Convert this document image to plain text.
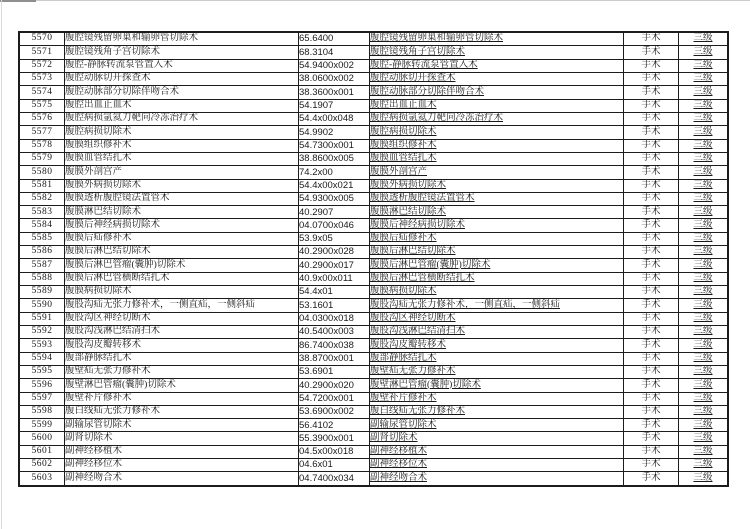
5570	腹腔镜残留卵巢和输卵管切除术	65.6400	腹腔镜残留卵巢和输卵管切除术	手术	三级
5571	腹腔镜残角子宫切除术	68.3104	腹腔镜残角子宫切除术	手术	三级
5572	腹腔-静脉转流泵管置入术	54.9400x002	腹腔-静脉转流泵管置入术	手术	三级
5573	腹腔动脉切开探查术	38.0600x002	腹腔动脉切开探查术	手术	三级
5574	腹腔动脉部分切除伴吻合术	38.3600x001	腹腔动脉部分切除伴吻合术	手术	三级
5575	腹腔出血止血术	54.1907	腹腔出血止血术	手术	三级
5576	腹腔病损氩氦刀靶向冷冻治疗术	54.4x00x048	腹腔病损氩氦刀靶向冷冻治疗术	手术	三级
5577	腹腔病损切除术	54.9902	腹腔病损切除术	手术	三级
5578	腹膜组织修补术	54.7300x001	腹膜组织修补术	手术	三级
5579	腹膜血管结扎术	38.8600x005	腹膜血管结扎术	手术	三级
5580	腹膜外剖宫产	74.2x00	腹膜外剖宫产	手术	三级
5581	腹膜外病损切除术	54.4x00x021	腹膜外病损切除术	手术	三级
5582	腹膜透析腹腔镜法置管术	54.9300x005	腹膜透析腹腔镜法置管术	手术	三级
5583	腹膜淋巴结切除术	40.2907	腹膜淋巴结切除术	手术	三级
5584	腹膜后神经病损切除术	04.0700x046	腹膜后神经病损切除术	手术	三级
5585	腹膜后疝修补术	53.9x05	腹膜后疝修补术	手术	三级
5586	腹膜后淋巴结切除术	40.2900x028	腹膜后淋巴结切除术	手术	三级
5587	腹膜后淋巴管瘤(囊肿)切除术	40.2900x017	腹膜后淋巴管瘤(囊肿)切除术	手术	三级
5588	腹膜后淋巴管横断结扎术	40.9x00x011	腹膜后淋巴管横断结扎术	手术	三级
5589	腹膜病损切除术	54.4x01	腹膜病损切除术	手术	三级
5590	腹股沟疝无张力修补术，一侧直疝，一侧斜疝	53.1601	腹股沟疝无张力修补术，一侧直疝，一侧斜疝	手术	三级
5591	腹股沟区神经切断术	04.0300x018	腹股沟区神经切断术	手术	三级
5592	腹股沟浅淋巴结清扫术	40.5400x003	腹股沟浅淋巴结清扫术	手术	三级
5593	腹股沟皮瓣转移术	86.7400x038	腹股沟皮瓣转移术	手术	三级
5594	腹部静脉结扎术	38.8700x001	腹部静脉结扎术	手术	三级
5595	腹壁疝无张力修补术	53.6901	腹壁疝无张力修补术	手术	三级
5596	腹壁淋巴管瘤(囊肿)切除术	40.2900x020	腹壁淋巴管瘤(囊肿)切除术	手术	三级
5597	腹壁补片修补术	54.7200x001	腹壁补片修补术	手术	三级
5598	腹白线疝无张力修补术	53.6900x002	腹白线疝无张力修补术	手术	三级
5599	副输尿管切除术	56.4102	副输尿管切除术	手术	三级
5600	副肾切除术	55.3900x001	副肾切除术	手术	三级
5601	副神经移植术	04.5x00x018	副神经移植术	手术	三级
5602	副神经移位术	04.6x01	副神经移位术	手术	三级
5603	副神经吻合术	04.7400x034	副神经吻合术	手术	三级
